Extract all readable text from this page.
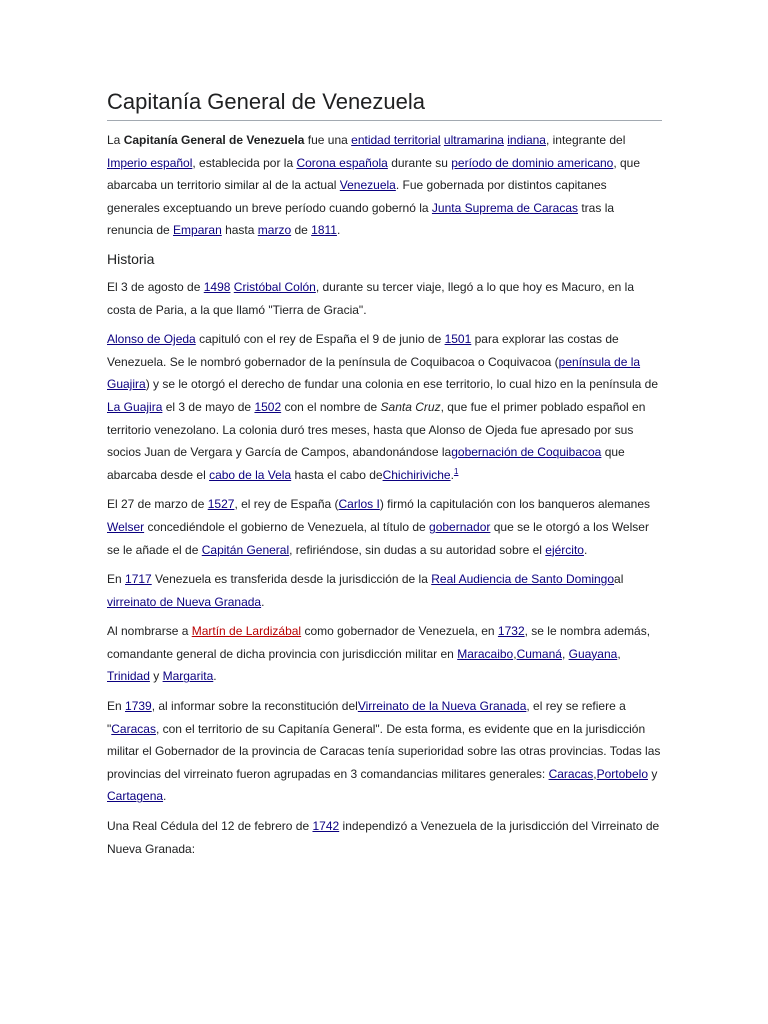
Capitanía General de Venezuela

La Capitanía General de Venezuela fue una entidad territorial ultramarina indiana, integrante del Imperio español, establecida por la Corona española durante su período de dominio americano, que abarcaba un territorio similar al de la actual Venezuela. Fue gobernada por distintos capitanes generales exceptuando un breve período cuando gobernó la Junta Suprema de Caracas tras la renuncia de Emparan hasta marzo de 1811.

Historia

El 3 de agosto de 1498 Cristóbal Colón, durante su tercer viaje, llegó a lo que hoy es Macuro, en la costa de Paria, a la que llamó "Tierra de Gracia".

Alonso de Ojeda capituló con el rey de España el 9 de junio de 1501 para explorar las costas de Venezuela. Se le nombró gobernador de la península de Coquibacoa o Coquivacoa (península de la Guajira) y se le otorgó el derecho de fundar una colonia en ese territorio, lo cual hizo en la península de La Guajira el 3 de mayo de 1502 con el nombre de Santa Cruz, que fue el primer poblado español en territorio venezolano. La colonia duró tres meses, hasta que Alonso de Ojeda fue apresado por sus socios Juan de Vergara y García de Campos, abandonándose lagobernación de Coquibacoa que abarcaba desde el cabo de la Vela hasta el cabo deChichiriviche.$^1$

El 27 de marzo de 1527, el rey de España (Carlos I) firmó la capitulación con los banqueros alemanes Welser concediéndole el gobierno de Venezuela, al título de gobernador que se le otorgó a los Welser se le añade el de Capitán General, refiriéndose, sin dudas a su autoridad sobre el ejército.

En 1717 Venezuela es transferida desde la jurisdicción de la Real Audiencia de Santo Domingoal virreinato de Nueva Granada.

Al nombrarse a Martín de Lardizábal como gobernador de Venezuela, en 1732, se le nombra además, comandante general de dicha provincia con jurisdicción militar en Maracaibo,Cumaná, Guayana, Trinidad y Margarita.

En 1739, al informar sobre la reconstitución delVirreinato de la Nueva Granada, el rey se refiere a "Caracas, con el territorio de su Capitanía General". De esta forma, es evidente que en la jurisdicción militar el Gobernador de la provincia de Caracas tenía superioridad sobre las otras provincias. Todas las provincias del virreinato fueron agrupadas en 3 comandancias militares generales: Caracas,Portobelo y Cartagena.

Una Real Cédula del 12 de febrero de 1742 independizó a Venezuela de la jurisdicción del Virreinato de Nueva Granada:
